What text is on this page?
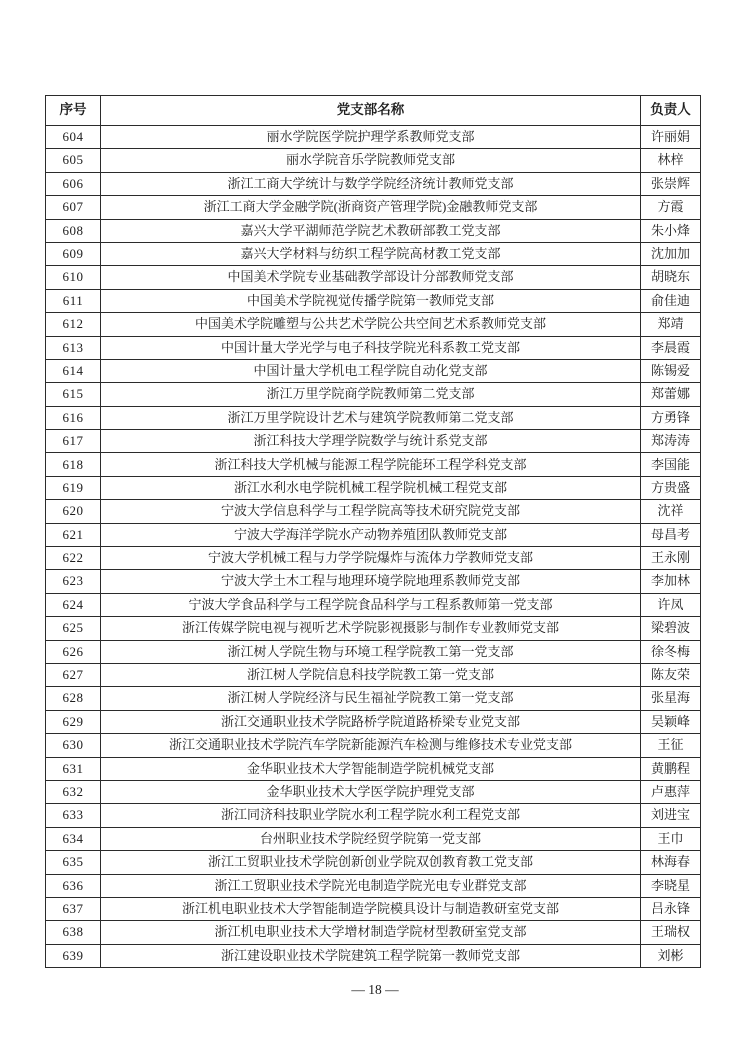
序号	党支部名称	负责人
604	丽水学院医学院护理学系教师党支部	许丽娟
605	丽水学院音乐学院教师党支部	林梓
606	浙江工商大学统计与数学学院经济统计教师党支部	张崇辉
607	浙江工商大学金融学院(浙商资产管理学院)金融教师党支部	方霞
608	嘉兴大学平湖师范学院艺术教研部教工党支部	朱小烽
609	嘉兴大学材料与纺织工程学院高材教工党支部	沈加加
610	中国美术学院专业基础教学部设计分部教师党支部	胡晓东
611	中国美术学院视觉传播学院第一教师党支部	俞佳迪
612	中国美术学院雕塑与公共艺术学院公共空间艺术系教师党支部	郑靖
613	中国计量大学光学与电子科技学院光科系教工党支部	李晨霞
614	中国计量大学机电工程学院自动化党支部	陈锡爱
615	浙江万里学院商学院教师第二党支部	郑蕾娜
616	浙江万里学院设计艺术与建筑学院教师第二党支部	方勇锋
617	浙江科技大学理学院数学与统计系党支部	郑涛涛
618	浙江科技大学机械与能源工程学院能环工程学科党支部	李国能
619	浙江水利水电学院机械工程学院机械工程党支部	方贵盛
620	宁波大学信息科学与工程学院高等技术研究院党支部	沈祥
621	宁波大学海洋学院水产动物养殖团队教师党支部	母昌考
622	宁波大学机械工程与力学学院爆炸与流体力学教师党支部	王永刚
623	宁波大学土木工程与地理环境学院地理系教师党支部	李加林
624	宁波大学食品科学与工程学院食品科学与工程系教师第一党支部	许凤
625	浙江传媒学院电视与视听艺术学院影视摄影与制作专业教师党支部	梁碧波
626	浙江树人学院生物与环境工程学院教工第一党支部	徐冬梅
627	浙江树人学院信息科技学院教工第一党支部	陈友荣
628	浙江树人学院经济与民生福祉学院教工第一党支部	张星海
629	浙江交通职业技术学院路桥学院道路桥梁专业党支部	吴颖峰
630	浙江交通职业技术学院汽车学院新能源汽车检测与维修技术专业党支部	王征
631	金华职业技术大学智能制造学院机械党支部	黄鹏程
632	金华职业技术大学医学院护理党支部	卢惠萍
633	浙江同济科技职业学院水利工程学院水利工程党支部	刘进宝
634	台州职业技术学院经贸学院第一党支部	王巾
635	浙江工贸职业技术学院创新创业学院双创教育教工党支部	林海春
636	浙江工贸职业技术学院光电制造学院光电专业群党支部	李晓星
637	浙江机电职业技术大学智能制造学院模具设计与制造教研室党支部	吕永锋
638	浙江机电职业技术大学增材制造学院材型教研室党支部	王瑞权
639	浙江建设职业技术学院建筑工程学院第一教师党支部	刘彬
— 18 —
